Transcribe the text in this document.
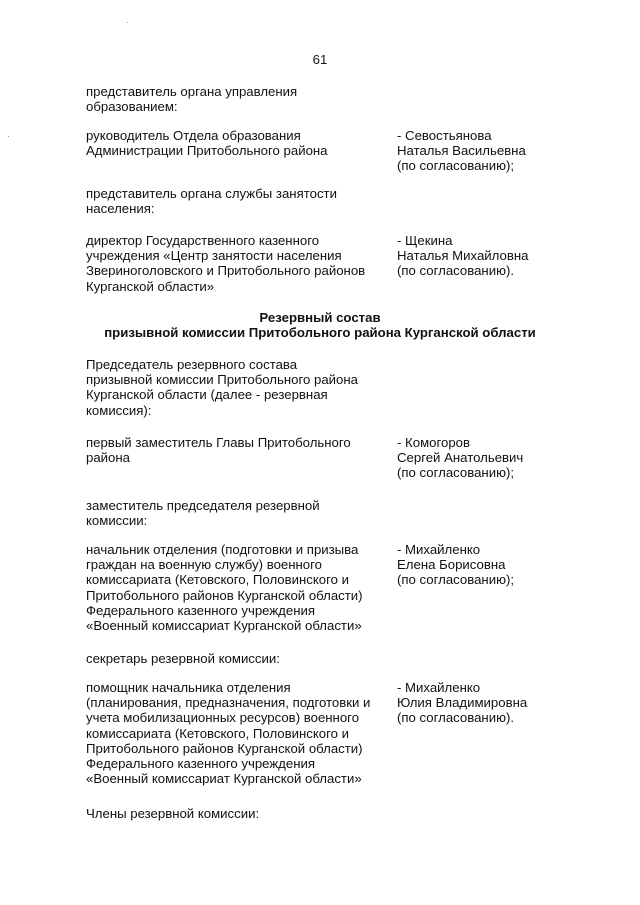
61
представитель органа управления
образованием:
руководитель Отдела образования
Администрации Притобольного района
- Севостьянова
Наталья Васильевна
(по согласованию);
представитель органа службы занятости
населения:
директор Государственного казенного
учреждения «Центр занятости населения
Звериноголовского и Притобольного районов
Курганской области»
- Щекина
Наталья Михайловна
(по согласованию).
Резервный состав
призывной комиссии Притобольного района Курганской области
Председатель резервного состава
призывной комиссии Притобольного района
Курганской области (далее - резервная
комиссия):
первый заместитель Главы Притобольного
района
- Комогоров
Сергей Анатольевич
(по согласованию);
заместитель председателя резервной
комиссии:
начальник отделения (подготовки и призыва
граждан на военную службу) военного
комиссариата (Кетовского, Половинского и
Притобольного районов Курганской области)
Федерального казенного учреждения
«Военный комиссариат Курганской области»
- Михайленко
Елена Борисовна
(по согласованию);
секретарь резервной комиссии:
помощник начальника отделения
(планирования, предназначения, подготовки и
учета мобилизационных ресурсов) военного
комиссариата (Кетовского, Половинского и
Притобольного районов Курганской области)
Федерального казенного учреждения
«Военный комиссариат Курганской области»
- Михайленко
Юлия Владимировна
(по согласованию).
Члены резервной комиссии:
